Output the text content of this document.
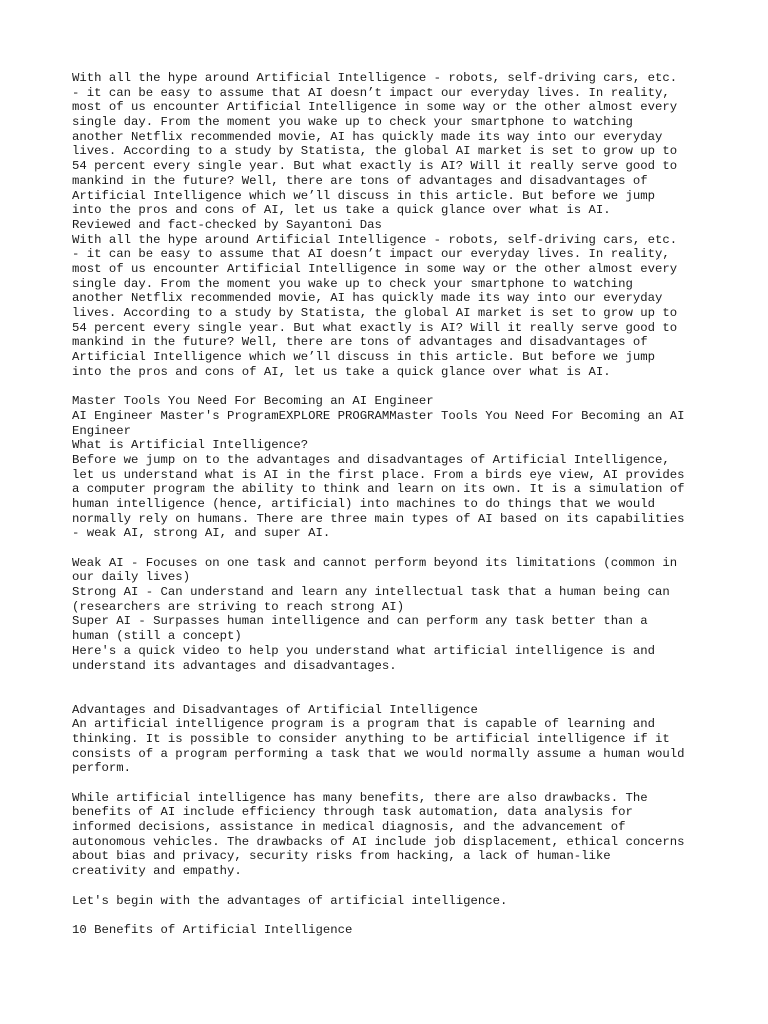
With all the hype around Artificial Intelligence - robots, self-driving cars, etc.
- it can be easy to assume that AI doesn’t impact our everyday lives. In reality,
most of us encounter Artificial Intelligence in some way or the other almost every
single day. From the moment you wake up to check your smartphone to watching
another Netflix recommended movie, AI has quickly made its way into our everyday
lives. According to a study by Statista, the global AI market is set to grow up to
54 percent every single year. But what exactly is AI? Will it really serve good to
mankind in the future? Well, there are tons of advantages and disadvantages of
Artificial Intelligence which we’ll discuss in this article. But before we jump
into the pros and cons of AI, let us take a quick glance over what is AI.
Reviewed and fact-checked by Sayantoni Das
With all the hype around Artificial Intelligence - robots, self-driving cars, etc.
- it can be easy to assume that AI doesn’t impact our everyday lives. In reality,
most of us encounter Artificial Intelligence in some way or the other almost every
single day. From the moment you wake up to check your smartphone to watching
another Netflix recommended movie, AI has quickly made its way into our everyday
lives. According to a study by Statista, the global AI market is set to grow up to
54 percent every single year. But what exactly is AI? Will it really serve good to
mankind in the future? Well, there are tons of advantages and disadvantages of
Artificial Intelligence which we’ll discuss in this article. But before we jump
into the pros and cons of AI, let us take a quick glance over what is AI.
Master Tools You Need For Becoming an AI Engineer
AI Engineer Master's ProgramEXPLORE PROGRAMMaster Tools You Need For Becoming an AI
Engineer
What is Artificial Intelligence?
Before we jump on to the advantages and disadvantages of Artificial Intelligence,
let us understand what is AI in the first place. From a birds eye view, AI provides
a computer program the ability to think and learn on its own. It is a simulation of
human intelligence (hence, artificial) into machines to do things that we would
normally rely on humans. There are three main types of AI based on its capabilities
- weak AI, strong AI, and super AI.
Weak AI - Focuses on one task and cannot perform beyond its limitations (common in
our daily lives)
Strong AI - Can understand and learn any intellectual task that a human being can
(researchers are striving to reach strong AI)
Super AI - Surpasses human intelligence and can perform any task better than a
human (still a concept)
Here's a quick video to help you understand what artificial intelligence is and
understand its advantages and disadvantages.
Advantages and Disadvantages of Artificial Intelligence
An artificial intelligence program is a program that is capable of learning and
thinking. It is possible to consider anything to be artificial intelligence if it
consists of a program performing a task that we would normally assume a human would
perform.
While artificial intelligence has many benefits, there are also drawbacks. The
benefits of AI include efficiency through task automation, data analysis for
informed decisions, assistance in medical diagnosis, and the advancement of
autonomous vehicles. The drawbacks of AI include job displacement, ethical concerns
about bias and privacy, security risks from hacking, a lack of human-like
creativity and empathy.
Let's begin with the advantages of artificial intelligence.
10 Benefits of Artificial Intelligence
